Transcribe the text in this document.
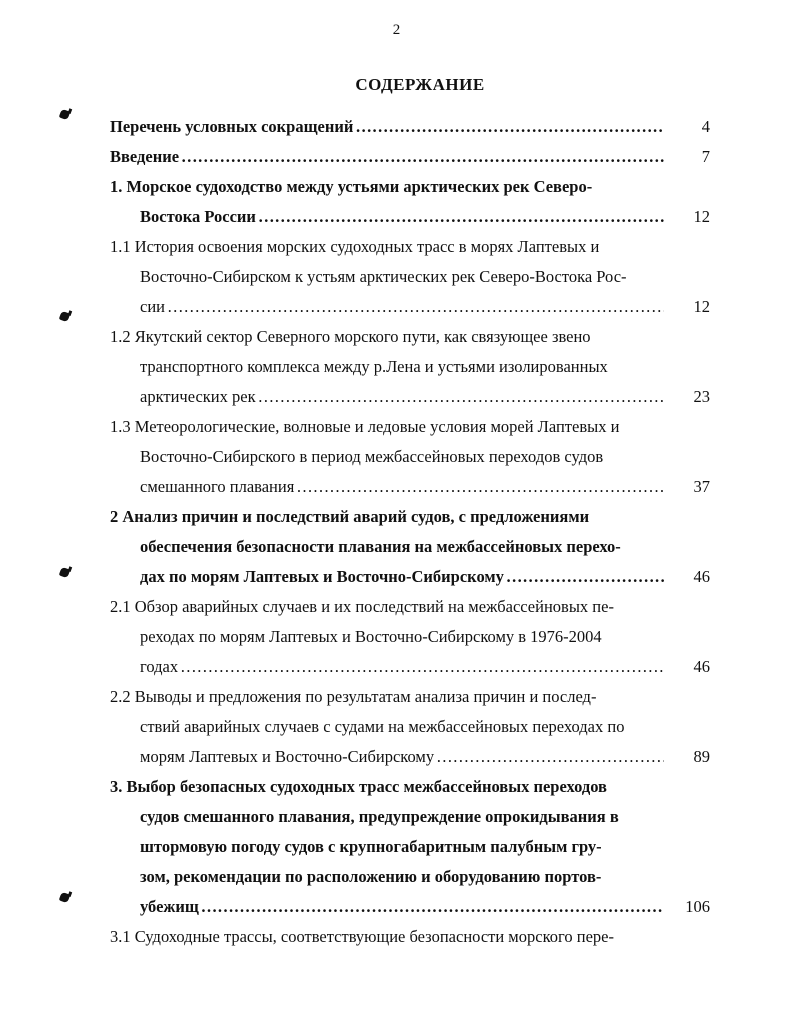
2
СОДЕРЖАНИЕ
Перечень условных сокращений ………………………………………………………………………………………………………………………………………………	4
Введение ………………………………………………………………………………………………………………………………………………	7
1. Морское судоходство между устьями арктических рек Северо-
Востока России ………………………………………………………………………………………………………………………………………………	12
1.1 История освоения морских судоходных трасс в морях Лаптевых и
Восточно-Сибирском к устьям арктических рек Северо-Востока Рос-
сии ………………………………………………………………………………………………………………………………………………	12
1.2 Якутский сектор Северного морского пути, как связующее звено
транспортного комплекса между р.Лена и устьями изолированных
арктических рек ………………………………………………………………………………………………………………………………………………	23
1.3 Метеорологические, волновые и ледовые условия морей Лаптевых и
Восточно-Сибирского в период межбассейновых переходов судов
смешанного плавания ………………………………………………………………………………………………………………………………………………	37
2 Анализ причин и последствий аварий судов, с предложениями
обеспечения безопасности плавания на межбассейновых перехо-
дах по морям Лаптевых и Восточно-Сибирскому ………………………………………………………………………………………………………………………………………………	46
2.1 Обзор аварийных случаев и их последствий на межбассейновых пе-
реходах по морям Лаптевых и Восточно-Сибирскому в 1976-2004
годах ………………………………………………………………………………………………………………………………………………	46
2.2 Выводы и предложения по результатам анализа причин и послед-
ствий аварийных случаев с судами на межбассейновых переходах по
морям Лаптевых и Восточно-Сибирскому ………………………………………………………………………………………………………………………………………………	89
3. Выбор безопасных судоходных трасс межбассейновых переходов
судов смешанного плавания, предупреждение опрокидывания в
штормовую погоду судов с крупногабаритным палубным гру-
зом, рекомендации по расположению и оборудованию портов-
убежищ ………………………………………………………………………………………………………………………………………………	106
3.1 Судоходные трассы, соответствующие безопасности морского пере-
